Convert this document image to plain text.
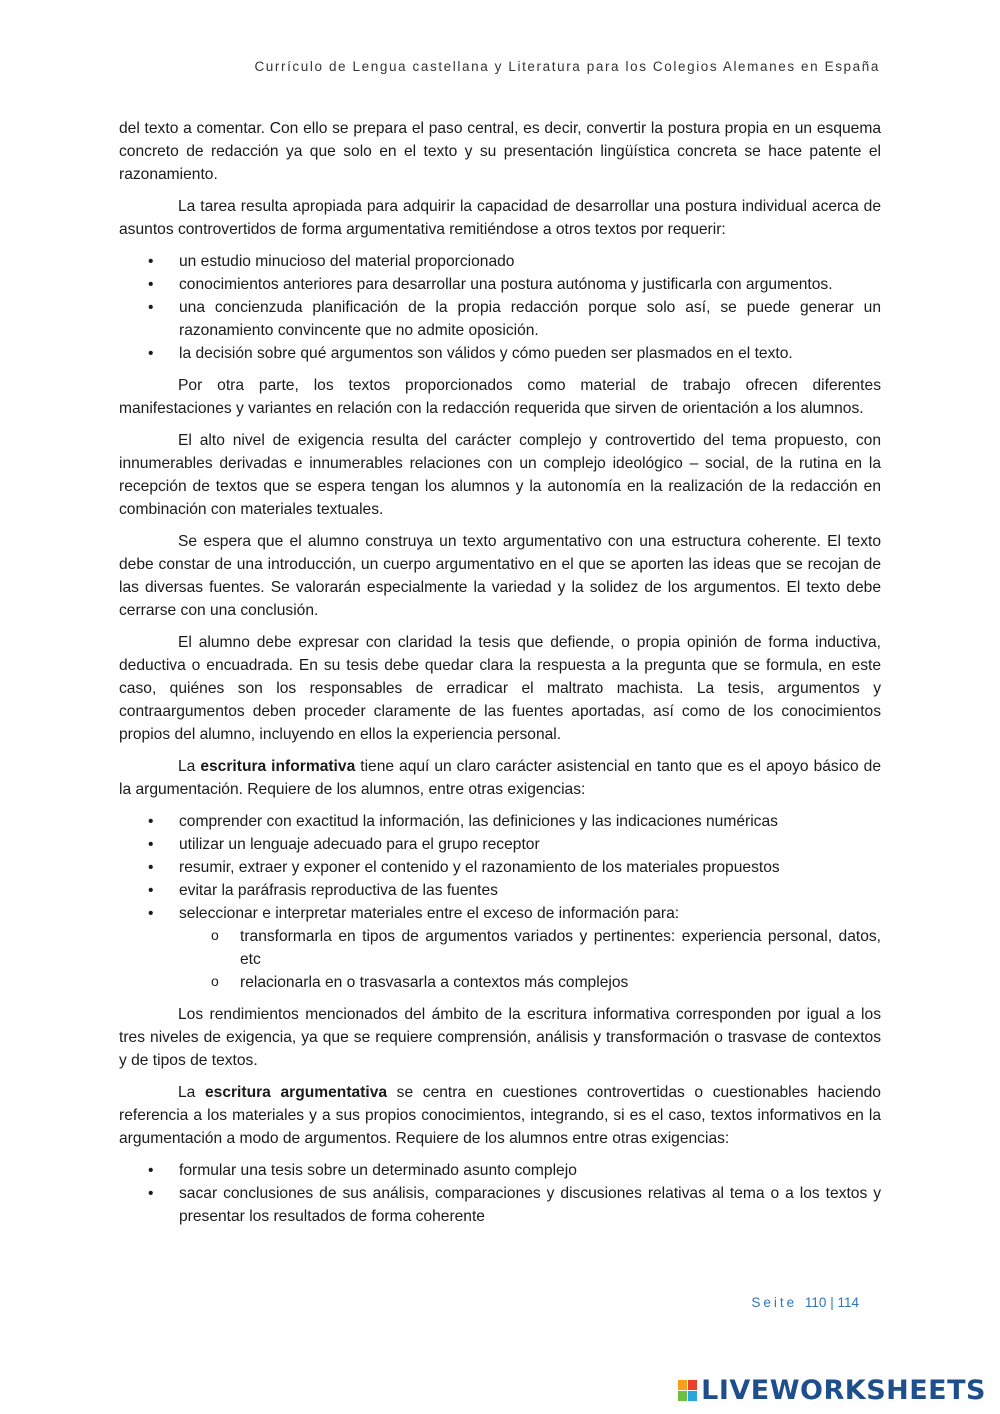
Currículo de Lengua castellana y Literatura para los Colegios Alemanes en España

del texto a comentar. Con ello se prepara el paso central, es decir, convertir la postura propia en un esquema concreto de redacción ya que solo en el texto y su presentación lingüística concreta se hace patente el razonamiento.

La tarea resulta apropiada para adquirir la capacidad de desarrollar una postura individual acerca de asuntos controvertidos de forma argumentativa remitiéndose a otros textos por requerir:

• un estudio minucioso del material proporcionado
• conocimientos anteriores para desarrollar una postura autónoma y justificarla con argumentos.
• una concienzuda planificación de la propia redacción porque solo así, se puede generar un razonamiento convincente que no admite oposición.
• la decisión sobre qué argumentos son válidos y cómo pueden ser plasmados en el texto.

Por otra parte, los textos proporcionados como material de trabajo ofrecen diferentes manifestaciones y variantes en relación con la redacción requerida que sirven de orientación a los alumnos.

El alto nivel de exigencia resulta del carácter complejo y controvertido del tema propuesto, con innumerables derivadas e innumerables relaciones con un complejo ideológico – social, de la rutina en la recepción de textos que se espera tengan los alumnos y la autonomía en la realización de la redacción en combinación con materiales textuales.

Se espera que el alumno construya un texto argumentativo con una estructura coherente. El texto debe constar de una introducción, un cuerpo argumentativo en el que se aporten las ideas que se recojan de las diversas fuentes. Se valorarán especialmente la variedad y la solidez de los argumentos. El texto debe cerrarse con una conclusión.

El alumno debe expresar con claridad la tesis que defiende, o propia opinión de forma inductiva, deductiva o encuadrada. En su tesis debe quedar clara la respuesta a la pregunta que se formula, en este caso, quiénes son los responsables de erradicar el maltrato machista. La tesis, argumentos y contraargumentos deben proceder claramente de las fuentes aportadas, así como de los conocimientos propios del alumno, incluyendo en ellos la experiencia personal.

La escritura informativa tiene aquí un claro carácter asistencial en tanto que es el apoyo básico de la argumentación. Requiere de los alumnos, entre otras exigencias:

• comprender con exactitud la información, las definiciones y las indicaciones numéricas
• utilizar un lenguaje adecuado para el grupo receptor
• resumir, extraer y exponer el contenido y el razonamiento de los materiales propuestos
• evitar la paráfrasis reproductiva de las fuentes
• seleccionar e interpretar materiales entre el exceso de información para:
o transformarla en tipos de argumentos variados y pertinentes: experiencia personal, datos, etc
o relacionarla en o trasvasarla a contextos más complejos

Los rendimientos mencionados del ámbito de la escritura informativa corresponden por igual a los tres niveles de exigencia, ya que se requiere comprensión, análisis y transformación o trasvase de contextos y de tipos de textos.

La escritura argumentativa se centra en cuestiones controvertidas o cuestionables haciendo referencia a los materiales y a sus propios conocimientos, integrando, si es el caso, textos informativos en la argumentación a modo de argumentos. Requiere de los alumnos entre otras exigencias:

• formular una tesis sobre un determinado asunto complejo
• sacar conclusiones de sus análisis, comparaciones y discusiones relativas al tema o a los textos y presentar los resultados de forma coherente
Seite 110 | 114
LIVEWORKSHEETS
